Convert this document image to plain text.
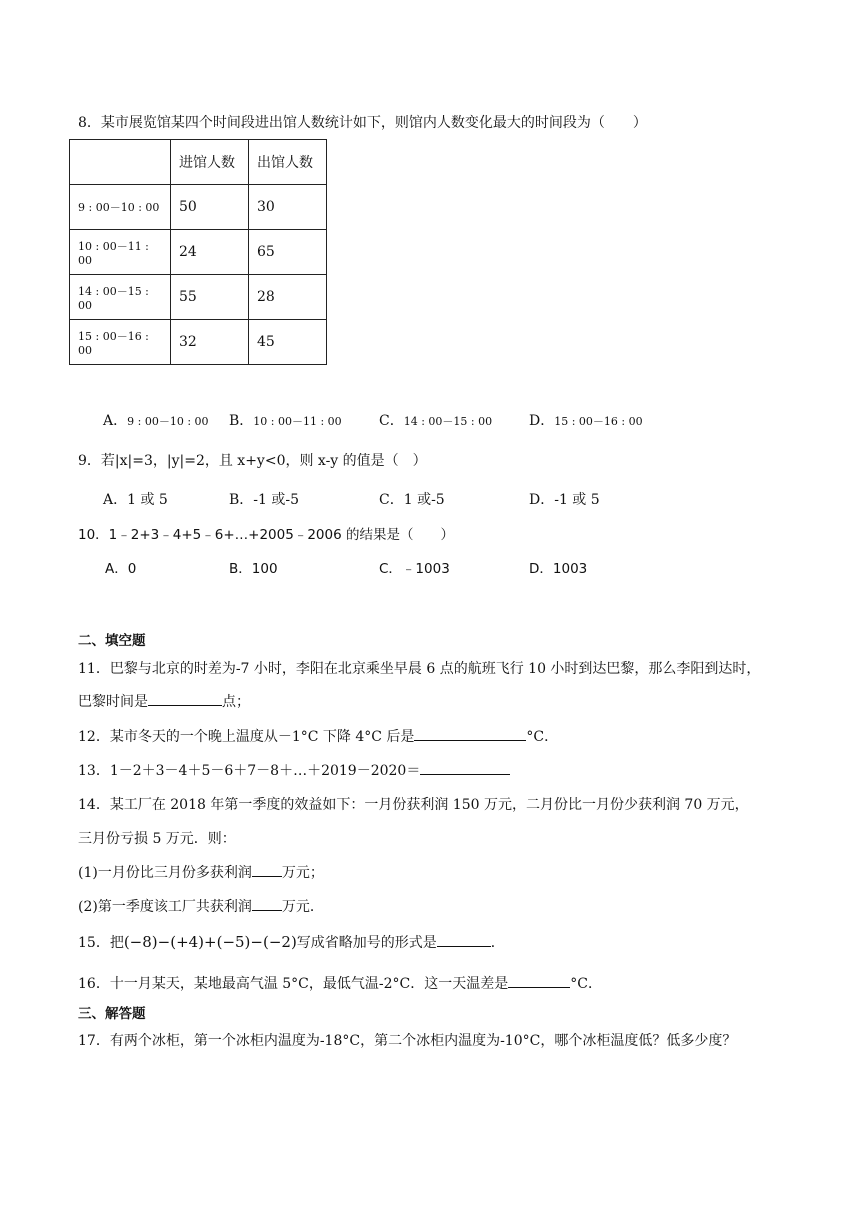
8．某市展览馆某四个时间段进出馆人数统计如下，则馆内人数变化最大的时间段为（　　）
	进馆人数	出馆人数
9 : 00－10 : 00	50	30
10 : 00－11 : 00	24	65
14 : 00－15 : 00	55	28
15 : 00－16 : 00	32	45
A．9 : 00－10 : 00 B．10 : 00－11 : 00	C．14 : 00－15 : 00	D．15 : 00－16 : 00
9．若|x|=3，|y|=2，且 x+y<0，则 x-y 的值是（　）
A．1 或 5	B．-1 或-5	C．1 或-5	D．-1 或 5
10．1﹣2+3﹣4+5﹣6+…+2005﹣2006 的结果是（　　）
A．0	B．100	C．﹣1003	D．1003
二、填空题
11．巴黎与北京的时差为-7 小时，李阳在北京乘坐早晨 6 点的航班飞行 10 小时到达巴黎，那么李阳到达时，
巴黎时间是	点；
12．某市冬天的一个晚上温度从－1°C 下降 4°C 后是	°C．
13．1－2＋3－4＋5－6＋7－8＋…＋2019－2020＝
14．某工厂在 2018 年第一季度的效益如下：一月份获利润 150 万元，二月份比一月份少获利润 70 万元，
三月份亏损 5 万元．则：
(1)一月份比三月份多获利润 万元；
(2)第一季度该工厂共获利润 万元．
15．把(−8)−(+4)+(−5)−(−2)写成省略加号的形式是	．
16．十一月某天，某地最高气温 5°C，最低气温-2°C．这一天温差是	°C．
三、解答题
17．有两个冰柜，第一个冰柜内温度为-18°C，第二个冰柜内温度为-10°C，哪个冰柜温度低？低多少度？
